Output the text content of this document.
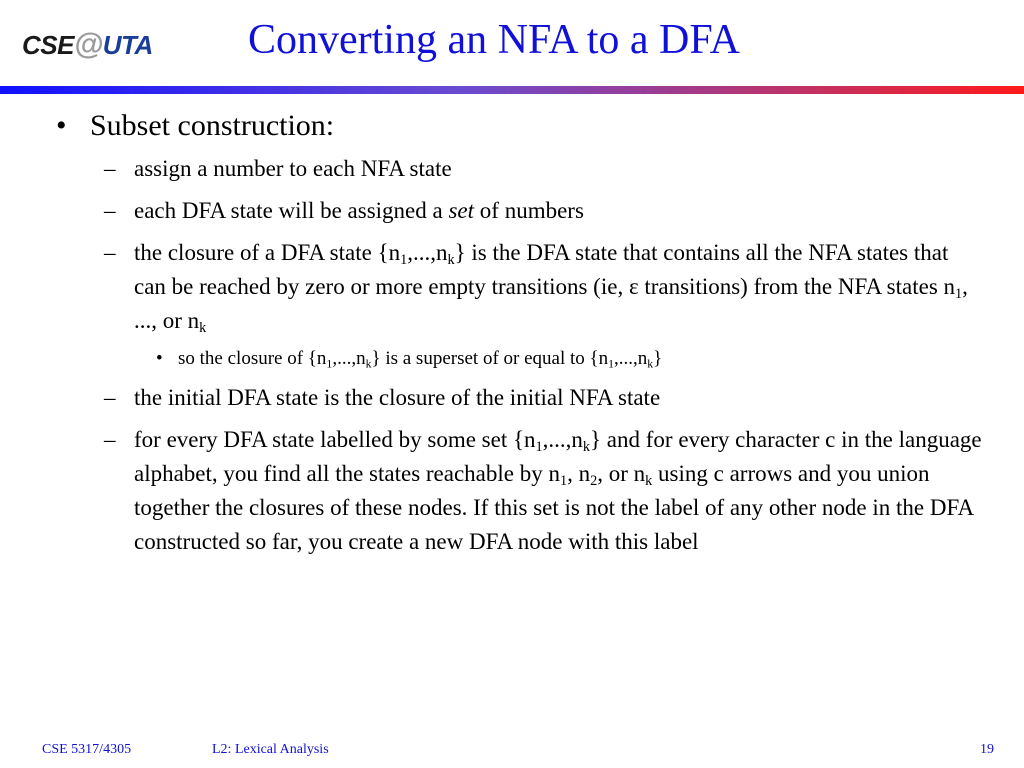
CSE@UTA Converting an NFA to a DFA
• Subset construction:
– assign a number to each NFA state
– each DFA state will be assigned a set of numbers
– the closure of a DFA state $\{n_1,...,n_k\}$ is the DFA state that contains all the NFA states that can be reached by zero or more empty transitions (ie, ε transitions) from the NFA states $n_1$, ..., or $n_k$
• so the closure of $\{n_1,...,n_k\}$ is a superset of or equal to $\{n_1,...,n_k\}$
– the initial DFA state is the closure of the initial NFA state
– for every DFA state labelled by some set $\{n_1,...,n_k\}$ and for every character c in the language alphabet, you find all the states reachable by $n_1$, $n_2$, or $n_k$ using c arrows and you union together the closures of these nodes. If this set is not the label of any other node in the DFA constructed so far, you create a new DFA node with this label
CSE 5317/4305	L2: Lexical Analysis	19
